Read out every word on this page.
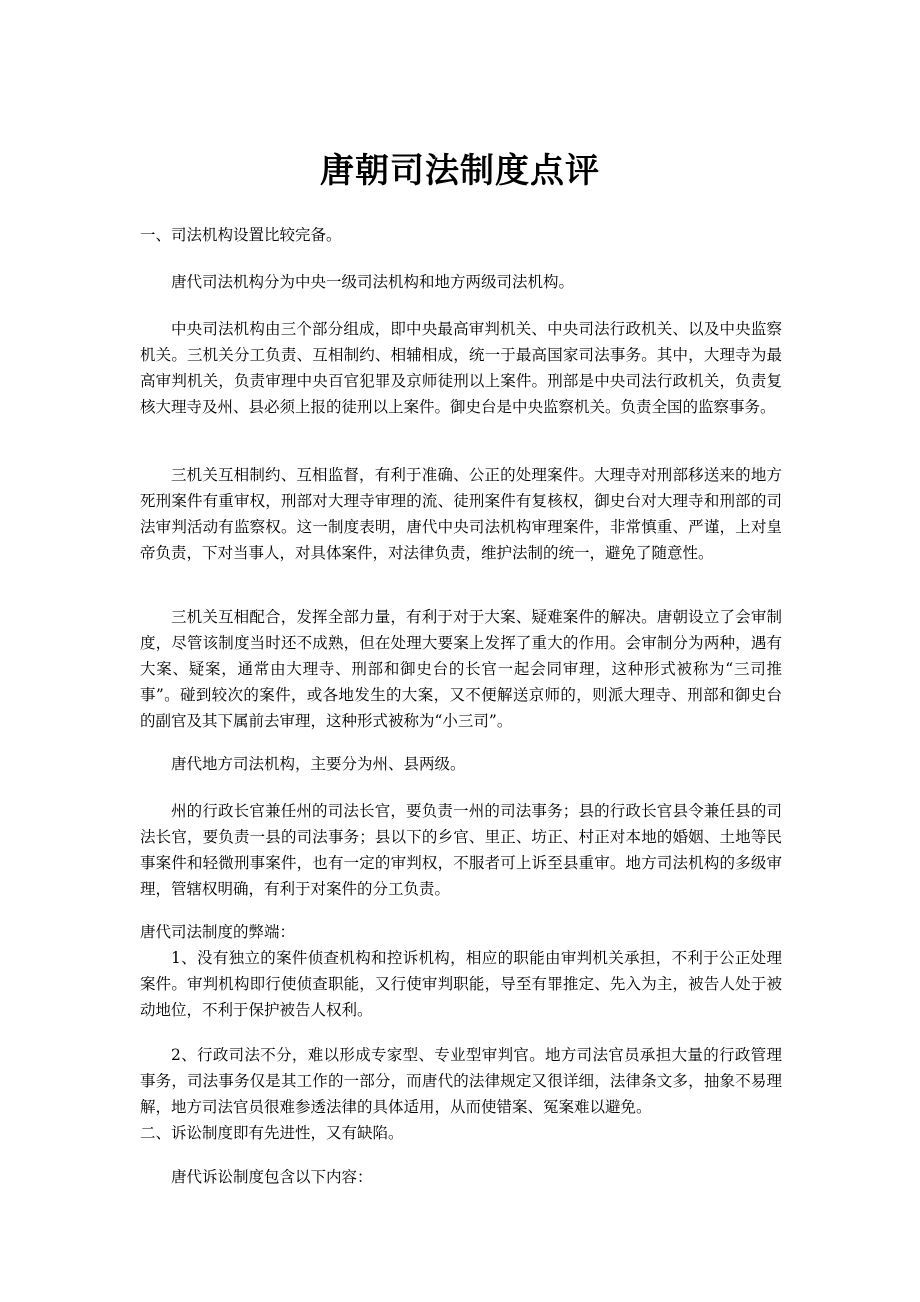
唐朝司法制度点评

一、司法机构设置比较完备。

唐代司法机构分为中央一级司法机构和地方两级司法机构。

中央司法机构由三个部分组成，即中央最高审判机关、中央司法行政机关、以及中央监察机关。三机关分工负责、互相制约、相辅相成，统一于最高国家司法事务。其中，大理寺为最高审判机关，负责审理中央百官犯罪及京师徒刑以上案件。刑部是中央司法行政机关，负责复核大理寺及州、县必须上报的徒刑以上案件。御史台是中央监察机关。负责全国的监察事务。

三机关互相制约、互相监督，有利于准确、公正的处理案件。大理寺对刑部移送来的地方死刑案件有重审权，刑部对大理寺审理的流、徒刑案件有复核权，御史台对大理寺和刑部的司法审判活动有监察权。这一制度表明，唐代中央司法机构审理案件，非常慎重、严谨，上对皇帝负责，下对当事人，对具体案件，对法律负责，维护法制的统一，避免了随意性。

三机关互相配合，发挥全部力量，有利于对于大案、疑难案件的解决。唐朝设立了会审制度，尽管该制度当时还不成熟，但在处理大要案上发挥了重大的作用。会审制分为两种，遇有大案、疑案，通常由大理寺、刑部和御史台的长官一起会同审理，这种形式被称为“三司推事”。碰到较次的案件，或各地发生的大案，又不便解送京师的，则派大理寺、刑部和御史台的副官及其下属前去审理，这种形式被称为“小三司”。

唐代地方司法机构，主要分为州、县两级。

州的行政长官兼任州的司法长官，要负责一州的司法事务；县的行政长官县令兼任县的司法长官，要负责一县的司法事务；县以下的乡官、里正、坊正、村正对本地的婚姻、土地等民事案件和轻微刑事案件，也有一定的审判权，不服者可上诉至县重审。地方司法机构的多级审理，管辖权明确，有利于对案件的分工负责。

唐代司法制度的弊端：

1、没有独立的案件侦查机构和控诉机构，相应的职能由审判机关承担，不利于公正处理案件。审判机构即行使侦查职能，又行使审判职能，导至有罪推定、先入为主，被告人处于被动地位，不利于保护被告人权利。

2、行政司法不分，难以形成专家型、专业型审判官。地方司法官员承担大量的行政管理事务，司法事务仅是其工作的一部分，而唐代的法律规定又很详细，法律条文多，抽象不易理解，地方司法官员很难参透法律的具体适用，从而使错案、冤案难以避免。

二、诉讼制度即有先进性，又有缺陷。

唐代诉讼制度包含以下内容：
